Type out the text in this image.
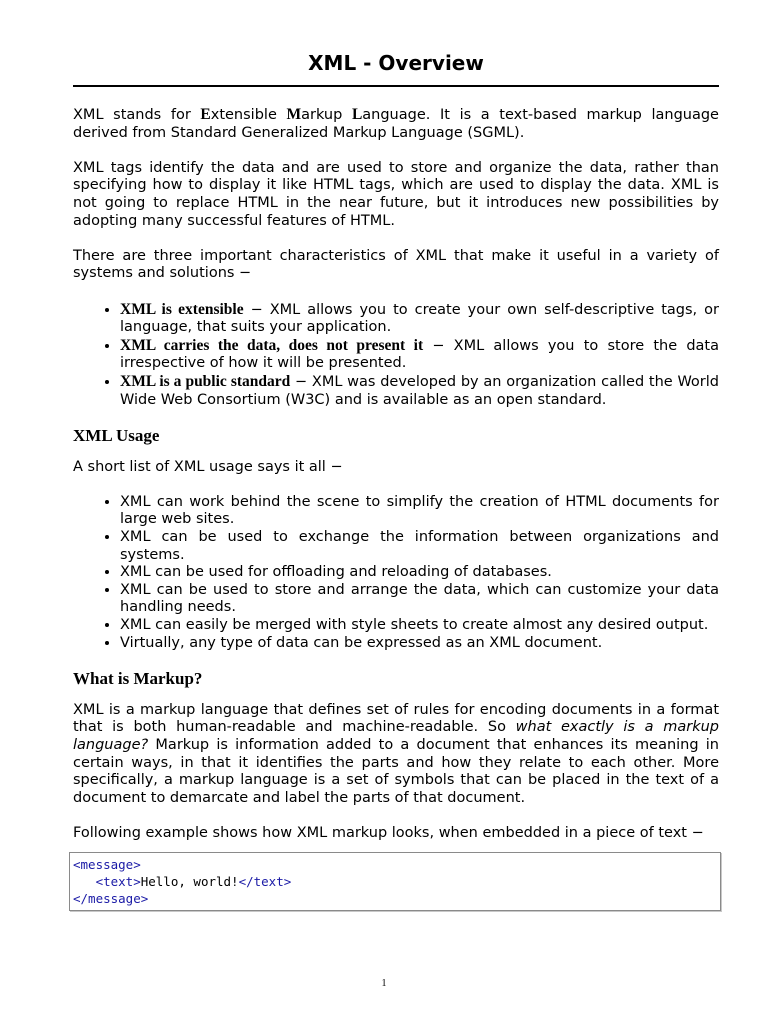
XML - Overview

XML stands for Extensible Markup Language. It is a text-based markup language derived from Standard Generalized Markup Language (SGML).

XML tags identify the data and are used to store and organize the data, rather than specifying how to display it like HTML tags, which are used to display the data. XML is not going to replace HTML in the near future, but it introduces new possibilities by adopting many successful features of HTML.

There are three important characteristics of XML that make it useful in a variety of systems and solutions −

• XML is extensible − XML allows you to create your own self-descriptive tags, or language, that suits your application.
• XML carries the data, does not present it − XML allows you to store the data irrespective of how it will be presented.
• XML is a public standard − XML was developed by an organization called the World Wide Web Consortium (W3C) and is available as an open standard.
XML Usage

A short list of XML usage says it all −

• XML can work behind the scene to simplify the creation of HTML documents for large web sites.
• XML can be used to exchange the information between organizations and systems.
• XML can be used for offloading and reloading of databases.
• XML can be used to store and arrange the data, which can customize your data handling needs.
• XML can easily be merged with style sheets to create almost any desired output.
• Virtually, any type of data can be expressed as an XML document.
What is Markup?

XML is a markup language that defines set of rules for encoding documents in a format that is both human-readable and machine-readable. So what exactly is a markup language? Markup is information added to a document that enhances its meaning in certain ways, in that it identifies the parts and how they relate to each other. More specifically, a markup language is a set of symbols that can be placed in the text of a document to demarcate and label the parts of that document.

Following example shows how XML markup looks, when embedded in a piece of text −

<message>
<text>Hello, world!</text>
</message>
1
